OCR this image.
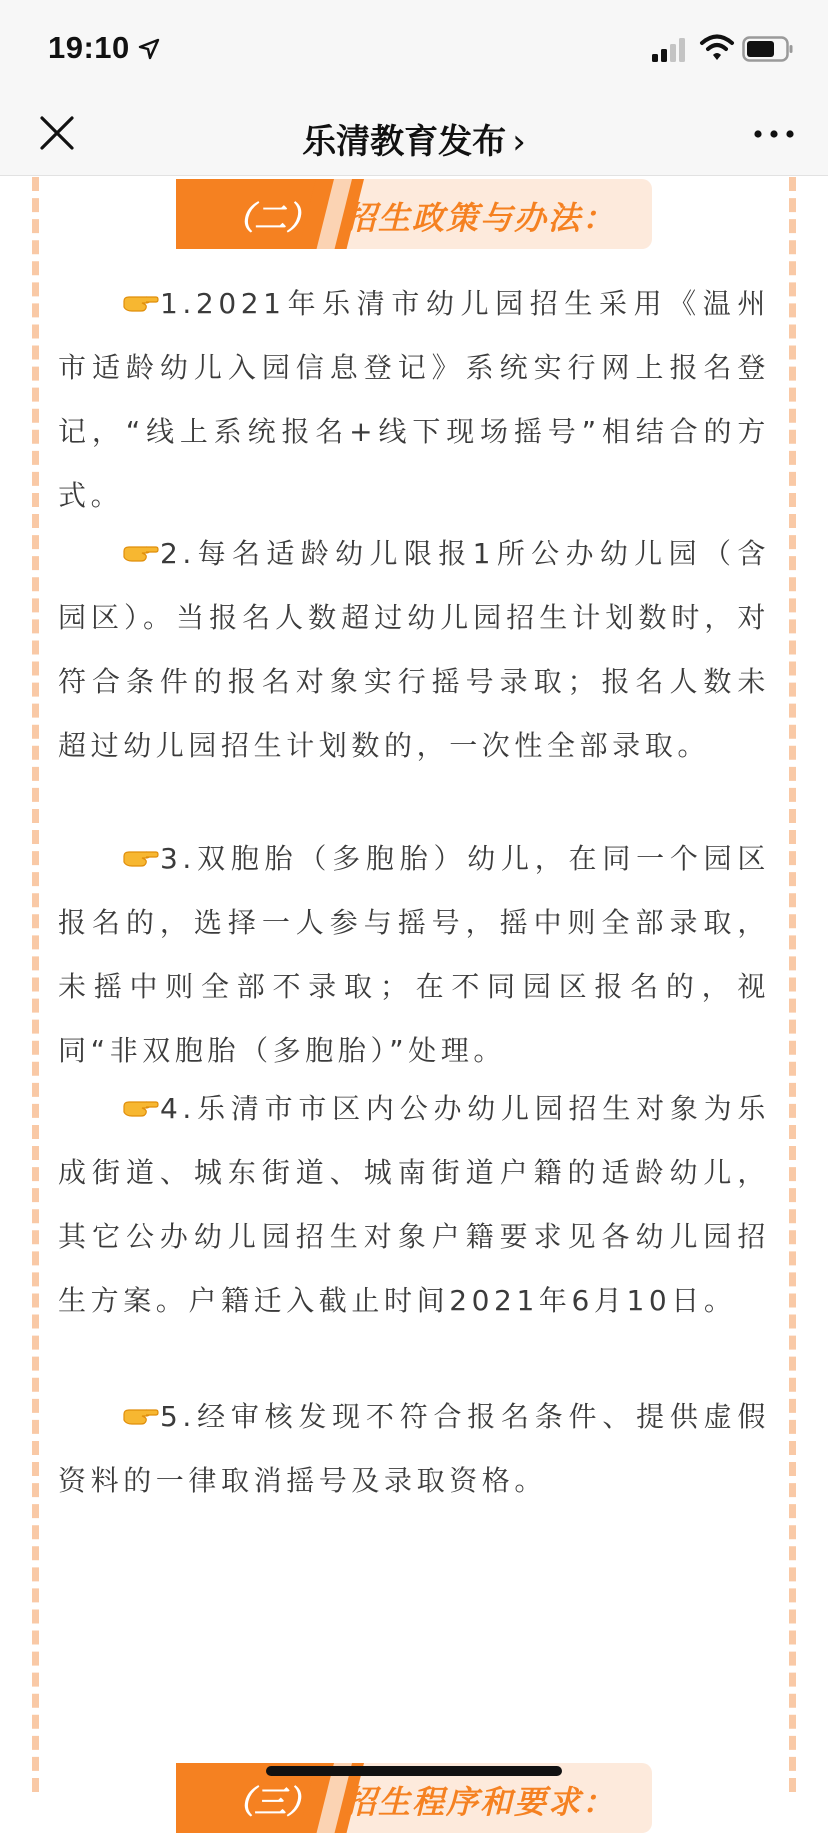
19:10
乐清教育发布 ›
（二） 招生政策与办法：

1.2021年乐清市幼儿园招生采用《温州市适龄幼儿入园信息登记》系统实行网上报名登记，“线上系统报名+线下现场摇号”相结合的方式。

2.每名适龄幼儿限报1所公办幼儿园（含园区）。当报名人数超过幼儿园招生计划数时，对符合条件的报名对象实行摇号录取；报名人数未超过幼儿园招生计划数的，一次性全部录取。

3.双胞胎（多胞胎）幼儿，在同一个园区报名的，选择一人参与摇号，摇中则全部录取，未摇中则全部不录取；在不同园区报名的，视同“非双胞胎（多胞胎）”处理。

4.乐清市市区内公办幼儿园招生对象为乐成街道、城东街道、城南街道户籍的适龄幼儿，其它公办幼儿园招生对象户籍要求见各幼儿园招生方案。户籍迁入截止时间2021年6月10日。

5.经审核发现不符合报名条件、提供虚假资料的一律取消摇号及录取资格。

（三） 招生程序和要求：
